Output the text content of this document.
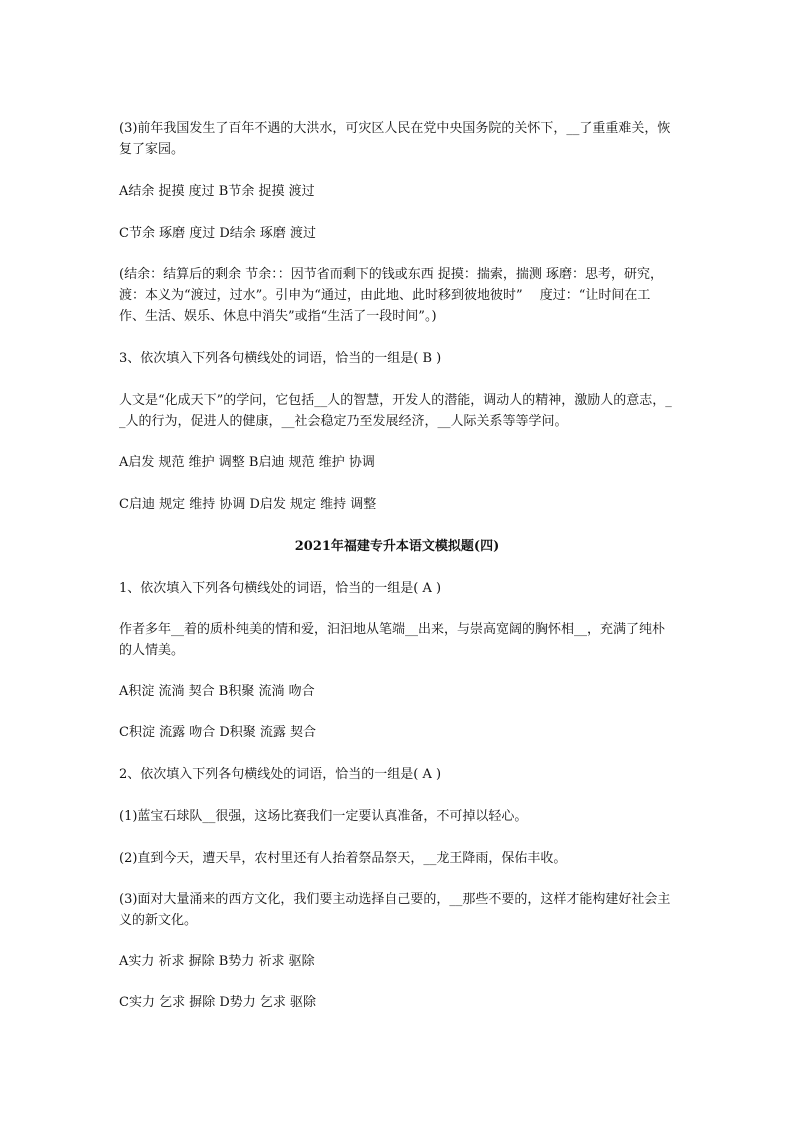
(3)前年我国发生了百年不遇的大洪水，可灾区人民在党中央国务院的关怀下，__了重重难关，恢复了家园。

A结余 捉摸 度过 B节余 捉摸 渡过

C节余 琢磨 度过 D结余 琢磨 渡过

(结余：结算后的剩余 节余：：因节省而剩下的钱或东西 捉摸：揣索，揣测 琢磨：思考，研究，渡：本义为“渡过，过水”。引申为“通过，由此地、此时移到彼地彼时”　 度过：“让时间在工作、生活、娱乐、休息中消失”或指“生活了一段时间”。)

3、依次填入下列各句横线处的词语，恰当的一组是( B )

人文是“化成天下”的学问，它包括__人的智慧，开发人的潜能，调动人的精神，激励人的意志，__人的行为，促进人的健康，__社会稳定乃至发展经济，__人际关系等等学问。

A启发 规范 维护 调整 B启迪 规范 维护 协调

C启迪 规定 维持 协调 D启发 规定 维持 调整

2021年福建专升本语文模拟题(四)

1、依次填入下列各句横线处的词语，恰当的一组是( A )

作者多年__着的质朴纯美的情和爱，汩汩地从笔端__出来，与崇高宽阔的胸怀相__，充满了纯朴的人情美。

A积淀 流淌 契合 B积聚 流淌 吻合

C积淀 流露 吻合 D积聚 流露 契合

2、依次填入下列各句横线处的词语，恰当的一组是( A )

(1)蓝宝石球队__很强，这场比赛我们一定要认真准备，不可掉以轻心。

(2)直到今天，遭天旱，农村里还有人抬着祭品祭天，__龙王降雨，保佑丰收。

(3)面对大量涌来的西方文化，我们要主动选择自己要的，__那些不要的，这样才能构建好社会主义的新文化。

A实力 祈求 摒除 B势力 祈求 驱除

C实力 乞求 摒除 D势力 乞求 驱除
